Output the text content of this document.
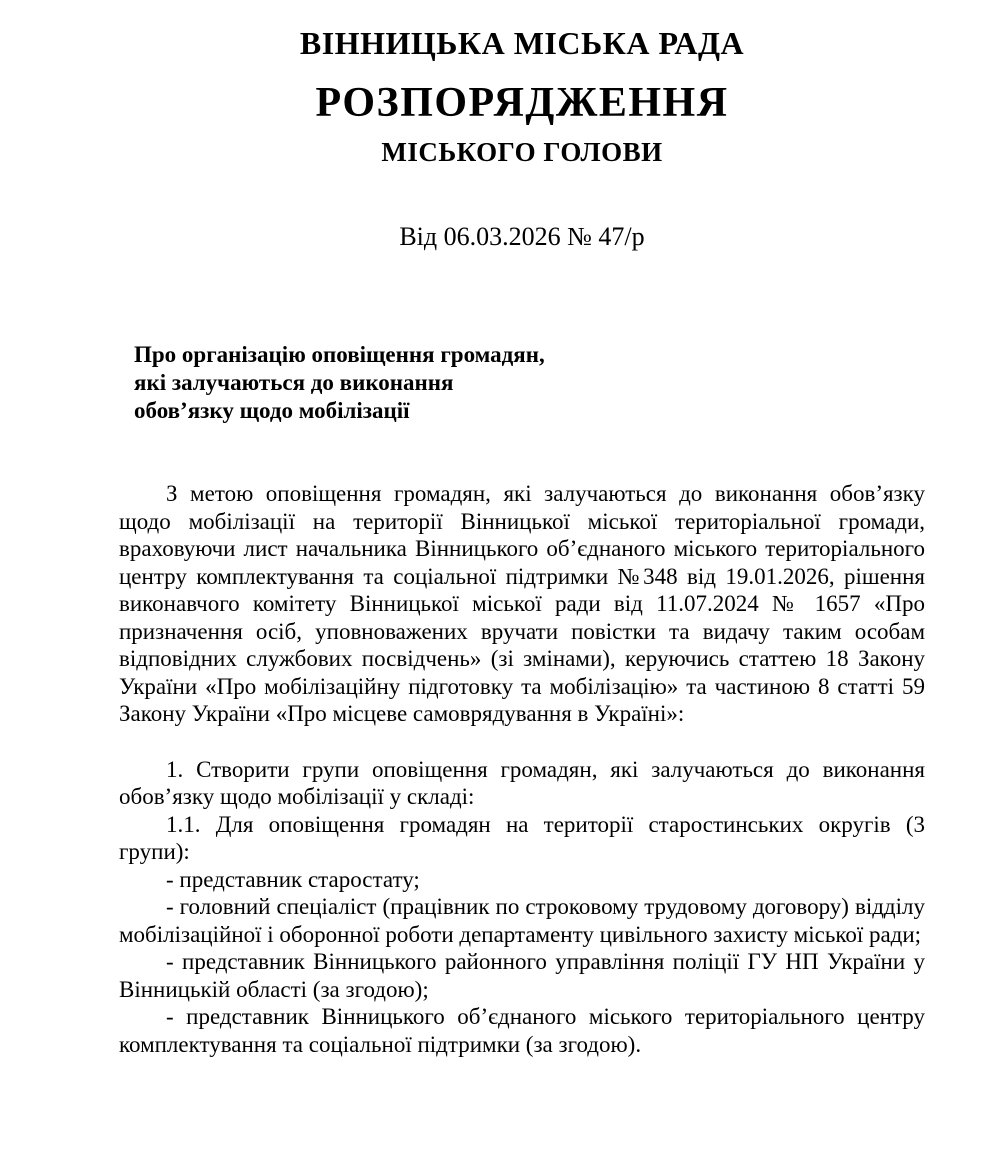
ВІННИЦЬКА МІСЬКА РАДА
РОЗПОРЯДЖЕННЯ
МІСЬКОГО ГОЛОВИ
Від 06.03.2026 № 47/р
Про організацію оповіщення громадян,
які залучаються до виконання
обов’язку щодо мобілізації

З метою оповіщення громадян, які залучаються до виконання обов’язку щодо мобілізації на території Вінницької міської територіальної громади, враховуючи лист начальника Вінницького об’єднаного міського територіального центру комплектування та соціальної підтримки №348 від 19.01.2026, рішення виконавчого комітету Вінницької міської ради від 11.07.2024 № 1657 «Про призначення осіб, уповноважених вручати повістки та видачу таким особам відповідних службових посвідчень» (зі змінами), керуючись статтею 18 Закону України «Про мобілізаційну підготовку та мобілізацію» та частиною 8 статті 59 Закону України «Про місцеве самоврядування в Україні»:

1. Створити групи оповіщення громадян, які залучаються до виконання обов’язку щодо мобілізації у складі:

1.1. Для оповіщення громадян на території старостинських округів (3 групи):

- представник старостату;

- головний спеціаліст (працівник по строковому трудовому договору) відділу мобілізаційної і оборонної роботи департаменту цивільного захисту міської ради;

- представник Вінницького районного управління поліції ГУ НП України у Вінницькій області (за згодою);

- представник Вінницького об’єднаного міського територіального центру комплектування та соціальної підтримки (за згодою).
